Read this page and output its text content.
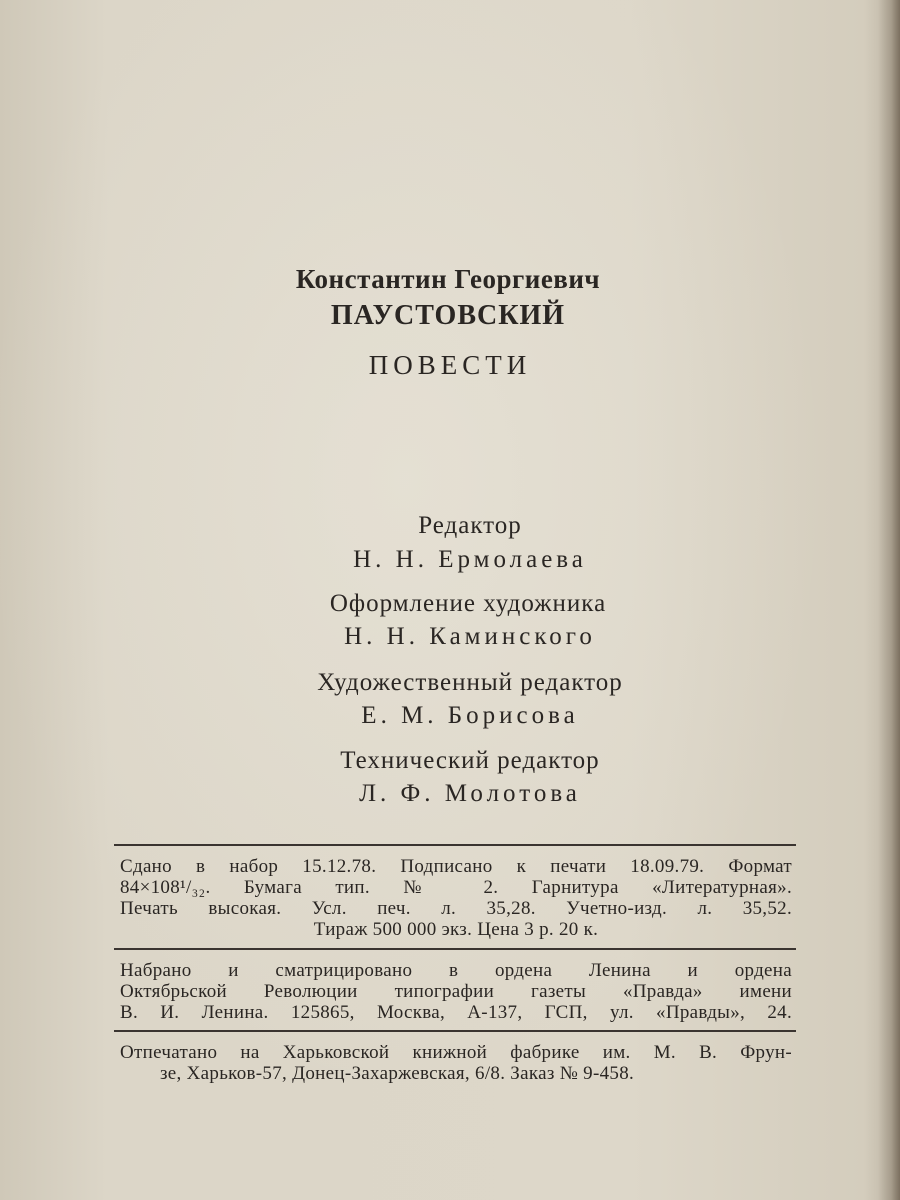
Константин Георгиевич
ПАУСТОВСКИЙ
ПОВЕСТИ
Редактор
Н. Н. Ермолаева
Оформление художника
Н. Н. Каминского
Художественный редактор
Е. М. Борисова
Технический редактор
Л. Ф. Молотова
Сдано в набор 15.12.78. Подписано к печати 18.09.79. Формат
84×108¹/₃₂. Бумага тип. № 2. Гарнитура «Литературная».
Печать высокая. Усл. печ. л. 35,28. Учетно-изд. л. 35,52.
Тираж 500 000 экз. Цена 3 р. 20 к.
Набрано и сматрицировано в ордена Ленина и ордена
Октябрьской Революции типографии газеты «Правда» имени
В. И. Ленина. 125865, Москва, А-137, ГСП, ул. «Правды», 24.
Отпечатано на Харьковской книжной фабрике им. М. В. Фрун-
зе, Харьков-57, Донец-Захаржевская, 6/8. Заказ № 9-458.
